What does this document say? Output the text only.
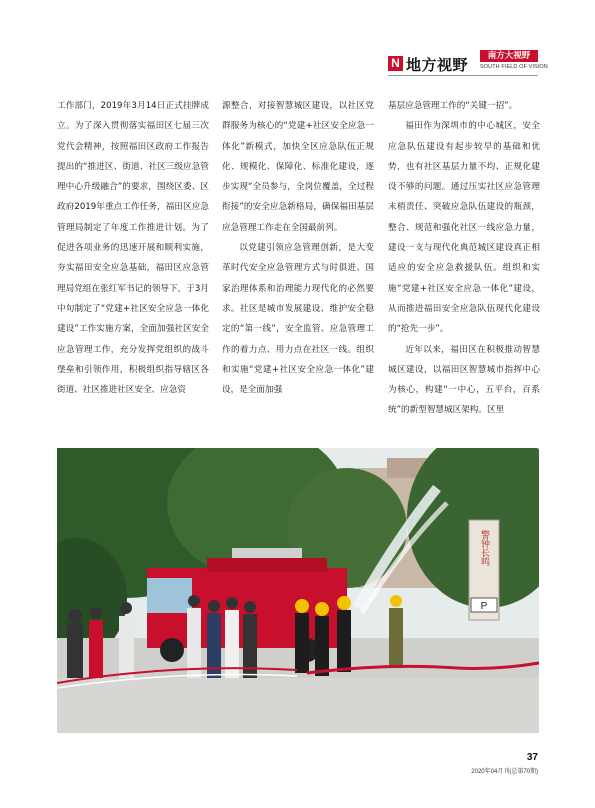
N 地方视野	南方大视野
SOUTH FIELD OF VISION

工作部门，2019年3月14日正式挂牌成立。为了深入贯彻落实福田区七届三次党代会精神，按照福田区政府工作报告提出的“推进区、街道、社区三级应急管理中心升级融合”的要求，围绕区委、区政府2019年重点工作任务，福田区应急管理局制定了年度工作推进计划。为了促进各项业务的迅速开展和顺利实施，夯实福田安全应急基础，福田区应急管理局党组在张红军书记的领导下，于3月中旬制定了“党建+社区安全应急一体化建设”工作实施方案，全面加强社区安全应急管理工作，充分发挥党组织的战斗堡垒和引领作用，积极组织指导辖区各街道、社区推进社区安全、应急资

源整合，对接智慧城区建设，以社区党群服务为核心的“党建+社区安全应急一体化”新模式，加快全区应急队伍正规化、规模化、保障化、标准化建设，逐步实现“全员参与，全岗位覆盖，全过程衔接”的安全应急新格局，确保福田基层应急管理工作走在全国最前列。

以党建引领应急管理创新，是大变革时代安全应急管理方式与时俱进、国家治理体系和治理能力现代化的必然要求。社区是城市发展建设、维护安全稳定的“第一线”，安全监管、应急管理工作的着力点、用力点在社区一线。组织和实施“党建+社区安全应急一体化”建设，是全面加强

基层应急管理工作的“关键一招”。

福田作为深圳市的中心城区，安全应急队伍建设有起步较早的基础和优势，也有社区基层力量不均、正规化建设不够的问题。通过压实社区应急管理末梢责任、突破应急队伍建设的瓶颈，整合、规范和强化社区一线应急力量，建设一支与现代化典范城区建设真正相适应的安全应急救援队伍。组织和实施“党建+社区安全应急一体化”建设，从而推进福田安全应急队伍现代化建设的“抢先一步”。

近年以来，福田区在积极推动智慧城区建设，以福田区智慧城市指挥中心为核心，构建“一中心，五平台，百系统”的新型智慧城区架构。区里

警钟长鸣
P
37
2020年04月刊(总第70期)
